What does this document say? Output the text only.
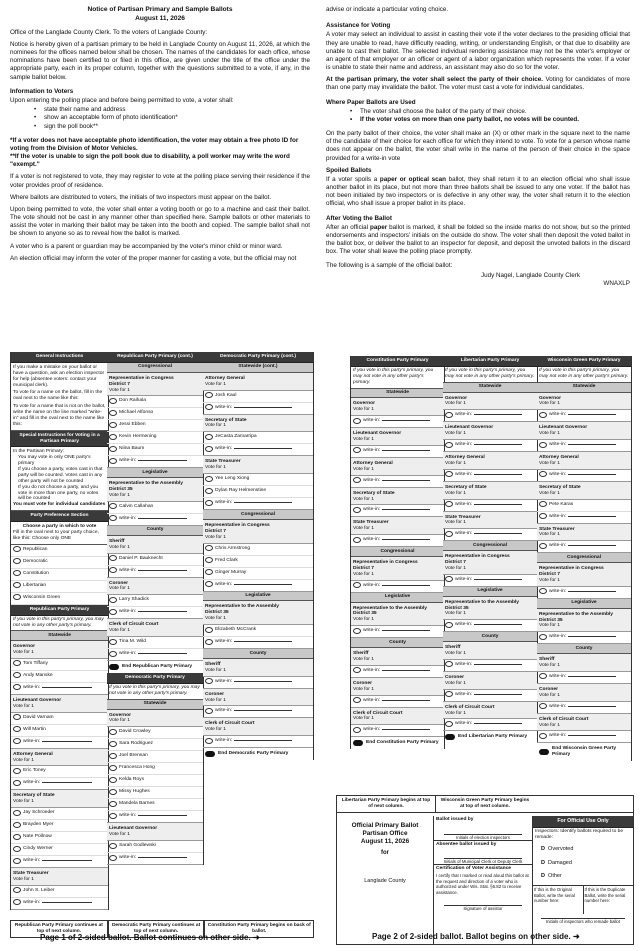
Notice of Partisan Primary and Sample Ballots
August 11, 2026

Office of the Langlade County Clerk. To the voters of Langlade County:

Notice is hereby given of a partisan primary to be held in Langlade County on August 11, 2026, at which the nominees for the offices named below shall be chosen. The names of the candidates for each office, whose nominations have been certified to or filed in this office, are given under the title of the office under the appropriate party, each in its proper column, together with the questions submitted to a vote, if any, in the sample ballot below.

Information to Voters

Upon entering the polling place and before being permitted to vote, a voter shall:

• state their name and address
• show an acceptable form of photo identification*
• sign the poll book**

*If a voter does not have acceptable photo identification, the voter may obtain a free photo ID for voting from the Division of Motor Vehicles.

**If the voter is unable to sign the poll book due to disability, a poll worker may write the word "exempt."

If a voter is not registered to vote, they may register to vote at the polling place serving their residence if the voter provides proof of residence.

Where ballots are distributed to voters, the initials of two inspectors must appear on the ballot.

Upon being permitted to vote, the voter shall enter a voting booth or go to a machine and cast their ballot. The vote should not be cast in any manner other than specified here. Sample ballots or other materials to assist the voter in marking their ballot may be taken into the booth and copied. The sample ballot shall not be shown to anyone so as to reveal how the ballot is marked.

A voter who is a parent or guardian may be accompanied by the voter's minor child or minor ward.

An election official may inform the voter of the proper manner for casting a vote, but the official may not

advise or indicate a particular voting choice.

Assistance for Voting

A voter may select an individual to assist in casting their vote if the voter declares to the presiding official that they are unable to read, have difficulty reading, writing, or understanding English, or that due to disability are unable to cast their ballot. The selected individual rendering assistance may not be the voter's employer or an agent of that employer or an officer or agent of a labor organization which represents the voter. If a voter is unable to state their name and address, an assistant may also do so for the voter.

At the partisan primary, the voter shall select the party of their choice. Voting for candidates of more than one party may invalidate the ballot. The voter must cast a vote for individual candidates.

Where Paper Ballots are Used
• The voter shall choose the ballot of the party of their choice.
• If the voter votes on more than one party ballot, no votes will be counted.

On the party ballot of their choice, the voter shall make an (X) or other mark in the square next to the name of the candidate of their choice for each office for which they intend to vote. To vote for a person whose name does not appear on the ballot, the voter shall write in the name of the person of their choice in the space provided for a write-in vote

Spoiled Ballots

If a voter spoils a paper or optical scan ballot, they shall return it to an election official who shall issue another ballot in its place, but not more than three ballots shall be issued to any one voter. If the ballot has not been initialed by two inspectors or is defective in any other way, the voter shall return it to the election official, who shall issue a proper ballot in its place.

After Voting the Ballot

After an official paper ballot is marked, it shall be folded so the inside marks do not show, but so the printed endorsements and inspectors' initials on the outside do show. The voter shall then deposit the voted ballot in the ballot box, or deliver the ballot to an inspector for deposit, and deposit the unvoted ballots in the discard box. The voter shall leave the polling place promptly.

The following is a sample of the official ballot:

Judy Nagel, Langlade County Clerk
WNAXLP
General Instructions
If you make a mistake on your ballot or have a question, ask an election inspector for help (absentee voters: contact your municipal clerk).
To vote for a name on the ballot, fill in the oval next to the name like this:
To vote for a name that is not on the ballot, write the name on the line marked "write-in" and fill in the oval next to the name like this:
Special Instructions for Voting in a Partisan Primary
In the Partisan Primary:
You may vote in only ONE party's primary
If you choose a party, votes cast in that party will be counted. Votes cast in any other party will not be counted
If you do not choose a party, and you vote in more than one party, no votes will be counted
You must vote for individual candidates
Party Preference Section
Choose a party in which to vote
Fill in the oval next to your party choice, like this: Choose only ONE
Republican
Democratic
Constitution
Libertarian
Wisconsin Green
Republican Party Primary
If you vote in this party's primary, you may not vote in any other party's primary.
Statewide
Governor
Vote for 1
Tom Tiffany
Andy Manske
write-in:
Lieutenant Governor
Vote for 1
David Varnam
Will Martin
write-in:
Attorney General
Vote for 1
Eric Toney
write-in:
Secretary of State
Vote for 1
Jay Schroeder
Brayden Myer
Nate Pollnow
Cindy Werner
write-in:
State Treasurer
Vote for 1
John S. Leiber
write-in:
Republican Party Primary (cont.)
Congressional
Representative in Congress
District 7
Vote for 1
Don Raihala
Michael Alfonso
Jessi Ebben
Kevin Hermening
Niina Baum
write-in:
Legislative
Representative to the Assembly
District 35
Vote for 1
Calvin Callahan
write-in:
County
Sheriff
Vote for 1
Daniel P. Bauknecht
write-in:
Coroner
Vote for 1
Larry Shadick
write-in:
Clerk of Circuit Court
Vote for 1
Tina M. Wild
write-in:
End Republican Party Primary
Democratic Party Primary
If you vote in this party's primary, you may not vote in any other party's primary.
Statewide
Governor
Vote for 1
David Crowley
Sara Rodriguez
Joel Brennan
Francesca Hong
Kelda Roys
Missy Hughes
Mandela Barnes
write-in:
Lieutenant Governor
Vote for 1
Sarah Godlewski
write-in:
Democratic Party Primary (cont.)
Statewide (cont.)
Attorney General
Vote for 1
Josh Kaul
write-in:
Secretary of State
Vote for 1
JeCasta Zamarripa
write-in:
State Treasurer
Vote for 1
Yee Leng Xiong
Dylan Ray Helmenstine
write-in:
Congressional
Representative in Congress
District 7
Vote for 1
Chris Armstrong
Fred Clark
Ginger Murray
write-in:
Legislative
Representative to the Assembly
District 35
Vote for 1
Elizabeth McCrank
write-in:
County
Sheriff
Vote for 1
write-in:
Coroner
Vote for 1
write-in:
Clerk of Circuit Court
Vote for 1
write-in:
End Democratic Party Primary
Republican Party Primary continues at top of next column.
Democratic Party Primary continues at top of next column.
Constitution Party Primary begins on back of ballot.
Page 1 of 2-sided ballot. Ballot continues on other side. ➜
Constitution Party Primary
If you vote in this party's primary, you may not vote in any other party's primary.
Statewide
Governor
Vote for 1
write-in:
Lieutenant Governor
Vote for 1
write-in:
Attorney General
Vote for 1
write-in:
Secretary of State
Vote for 1
write-in:
State Treasurer
Vote for 1
write-in:
Congressional
Representative in Congress
District 7
Vote for 1
write-in:
Legislative
Representative to the Assembly
District 35
Vote for 1
write-in:
County
Sheriff
Vote for 1
write-in:
Coroner
Vote for 1
write-in:
Clerk of Circuit Court
Vote for 1
write-in:
End Constitution Party Primary
Libertarian Party Primary
If you vote in this party's primary, you may not vote in any other party's primary.
Statewide
Governor
Vote for 1
write-in:
Lieutenant Governor
Vote for 1
write-in:
Attorney General
Vote for 1
write-in:
Secretary of State
Vote for 1
write-in:
State Treasurer
Vote for 1
write-in:
Congressional
Representative in Congress
District 7
Vote for 1
write-in:
Legislative
Representative to the Assembly
District 35
Vote for 1
write-in:
County
Sheriff
Vote for 1
write-in:
Coroner
Vote for 1
write-in:
Clerk of Circuit Court
Vote for 1
write-in:
End Libertarian Party Primary
Wisconsin Green Party Primary
If you vote in this party's primary, you may not vote in any other party's primary.
Statewide
Governor
Vote for 1
write-in:
Lieutenant Governor
Vote for 1
write-in:
Attorney General
Vote for 1
write-in:
Secretary of State
Vote for 1
Pete Karas
write-in:
State Treasurer
Vote for 1
write-in:
Congressional
Representative in Congress
District 7
Vote for 1
write-in:
Legislative
Representative to the Assembly
District 35
Vote for 1
write-in:
County
Sheriff
Vote for 1
write-in:
Coroner
Vote for 1
write-in:
Clerk of Circuit Court
Vote for 1
write-in:
End Wisconsin Green Party Primary
Libertarian Party Primary begins at top of next column.
Wisconsin Green Party Primary begins at top of next column.
Official Primary Ballot
Partisan Office
August 11, 2026
for
Langlade County
Ballot issued by
Initials of election inspectors
Absentee ballot issued by
Initials of Municipal Clerk or Deputy Clerk
Certification of Voter Assistance
I certify that I marked or read aloud this ballot at the request and direction of a voter who is authorized under Wis. Stat. §6.82 to receive assistance.
Signature of assistor
For Official Use Only
Inspectors: Identify ballots required to be remade:
D Overvoted
D Damaged
D Other
If this is the Original Ballot, write the serial number here:
If this is the Duplicate Ballot, write the serial number here:
Initials of inspectors who remade ballot
Page 2 of 2-sided ballot. Ballot begins on other side. ➜
